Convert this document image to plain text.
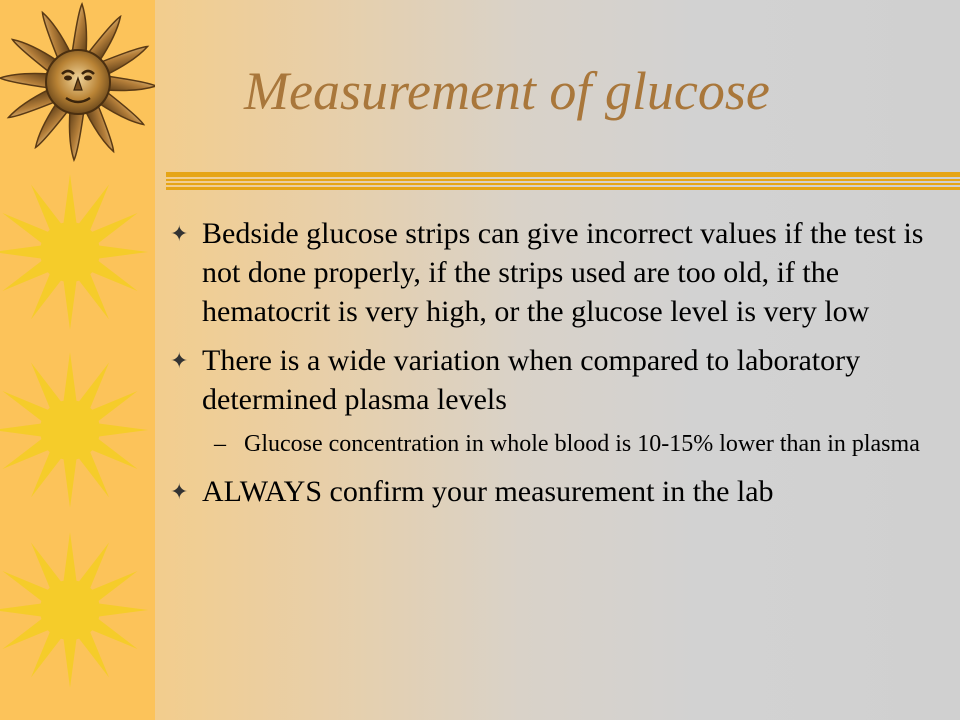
Measurement of glucose
✦ Bedside glucose strips can give incorrect values if the test is not done properly, if the strips used are too old, if the hematocrit is very high, or the glucose level is very low
✦ There is a wide variation when compared to laboratory determined plasma levels
– Glucose concentration in whole blood is 10-15% lower than in plasma
✦ ALWAYS confirm your measurement in the lab
